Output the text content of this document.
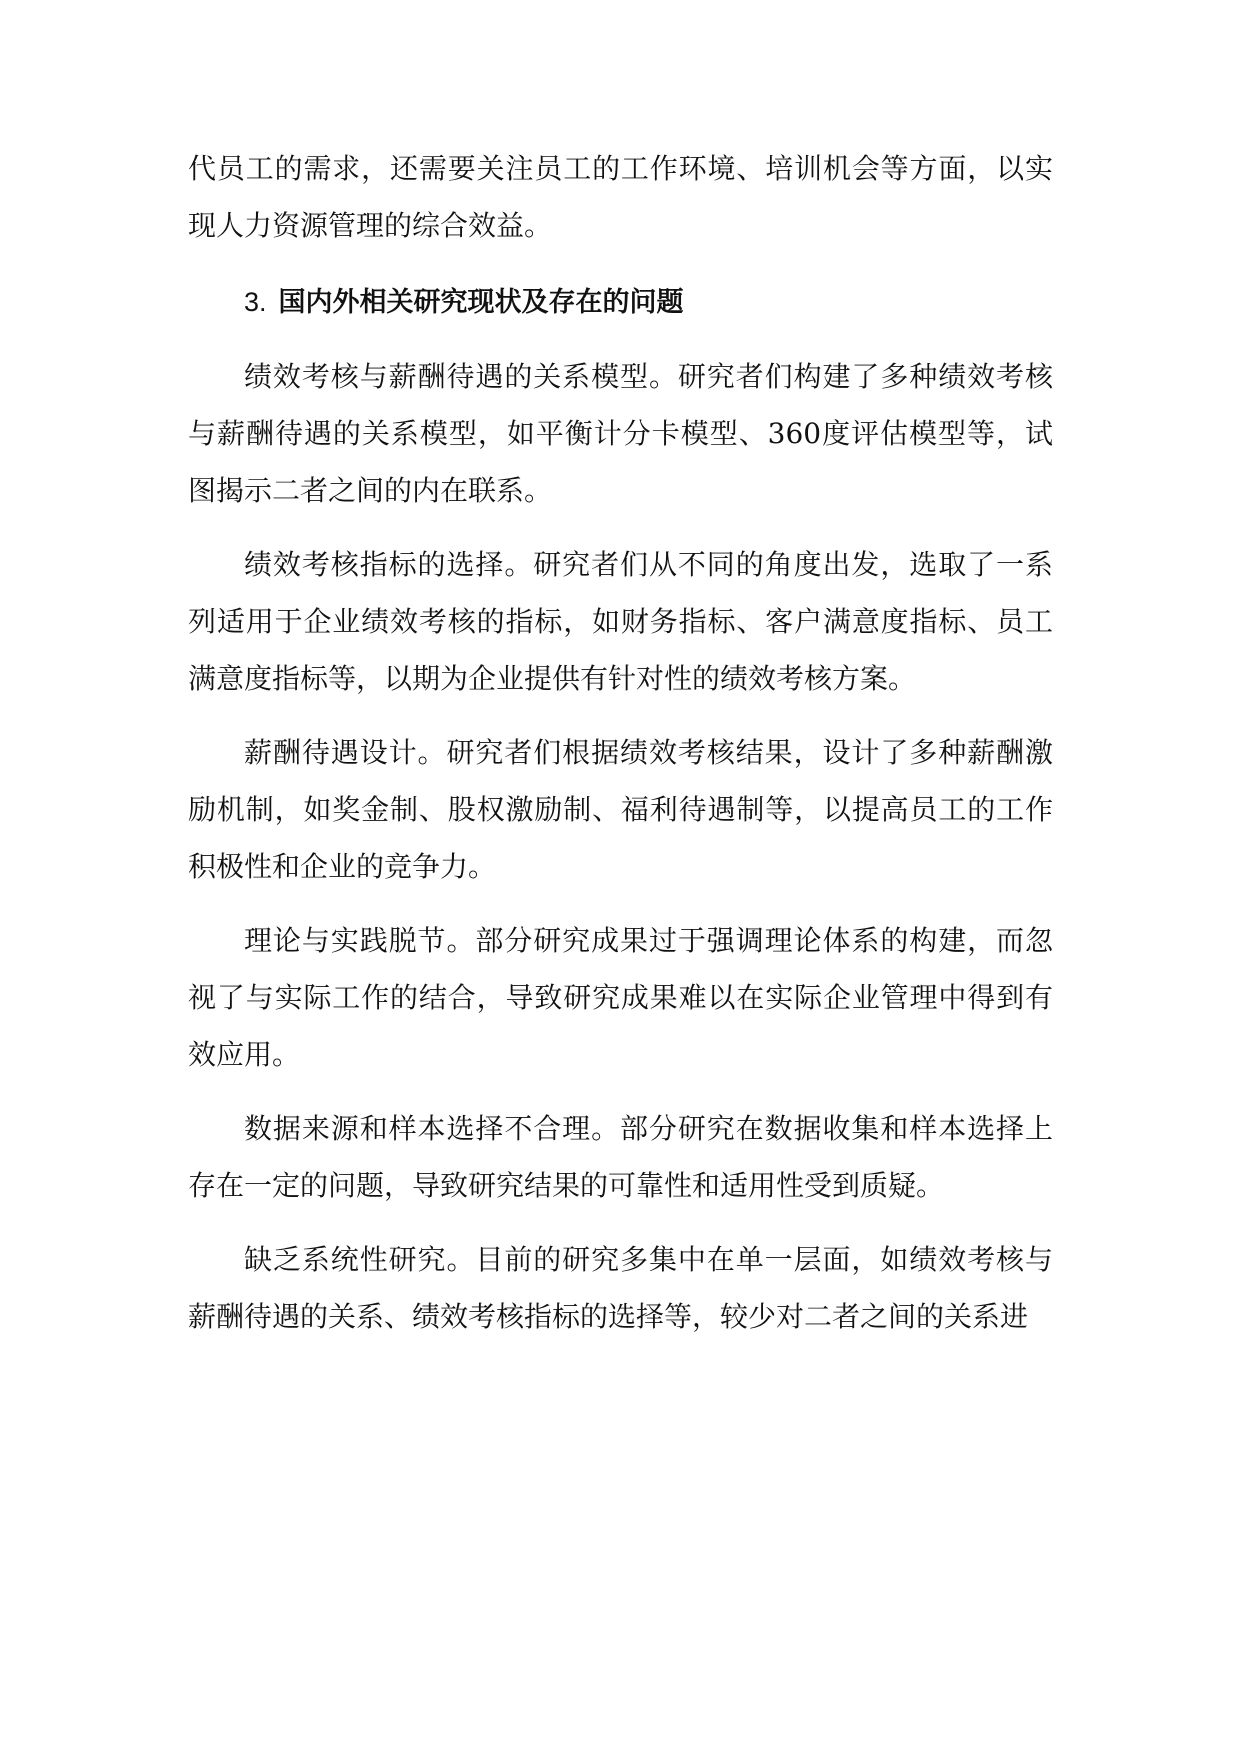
代员工的需求，还需要关注员工的工作环境、培训机会等方面，以实现人力资源管理的综合效益。

3. 国内外相关研究现状及存在的问题

绩效考核与薪酬待遇的关系模型。研究者们构建了多种绩效考核与薪酬待遇的关系模型，如平衡计分卡模型、360度评估模型等，试图揭示二者之间的内在联系。

绩效考核指标的选择。研究者们从不同的角度出发，选取了一系列适用于企业绩效考核的指标，如财务指标、客户满意度指标、员工满意度指标等，以期为企业提供有针对性的绩效考核方案。

薪酬待遇设计。研究者们根据绩效考核结果，设计了多种薪酬激励机制，如奖金制、股权激励制、福利待遇制等，以提高员工的工作积极性和企业的竞争力。

理论与实践脱节。部分研究成果过于强调理论体系的构建，而忽视了与实际工作的结合，导致研究成果难以在实际企业管理中得到有效应用。

数据来源和样本选择不合理。部分研究在数据收集和样本选择上存在一定的问题，导致研究结果的可靠性和适用性受到质疑。

缺乏系统性研究。目前的研究多集中在单一层面，如绩效考核与薪酬待遇的关系、绩效考核指标的选择等，较少对二者之间的关系进
